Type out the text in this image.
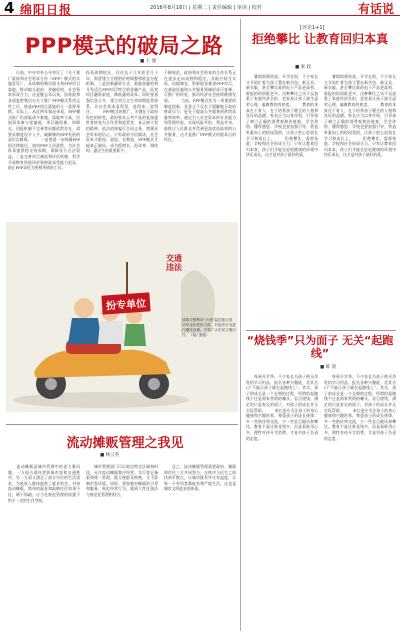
4 绵阳日报	2016年8月16日 | 星期二 | 责任编辑 | 审读 | 校对	有话说
PPP模式的破局之路
■ 王 强
　　日前，中央对外公开审议了《关于推广政府和社会资本合作（PPP）模式的实施意见》，从体制机制层面支持PPP项目落地，推动地方政府、金融机构、社会资本形成合力。这是继去年以来，国务院和各部委密集出台关于推广PPP模式系列文件之后，推进PPP项目落地的又一重要举措。实际上，从近两年情况来看，PPP模式推广仍面临诸多难题，落地率不高，民间资本参与度偏低，项目融资难、周期长、回报机制不完善等问题依然存在，需要从制度设计入手，破解制约PPP发展的深层次障碍。 　　一是要进一步明确PPP的法律地位，加快PPP立法进程，为社会资本提供稳定的预期，保障各方合法权益。二是完善项目遴选和评估机制，科学开展物有所值评价和财政承受能力论证，防止PPP异化为变相举债的工具。
投资周期较长，往往达十几年甚至几十年，需要建立合理的价格调整和收益分配机制。三是创新融资方式，鼓励金融机构开发适合PPP项目特点的金融产品，拓宽项目融资渠道，降低融资成本。同时要加强信息公开，建立项目全生命周期监管体系，让社会资本看得见、进得来、留得住。 　　PPP模式的推广，关键在于政府角色的转变。政府要从公共产品的直接提供者转变为合作者和监管者，真正树立契约精神，依法依规履行合同义务，增强社会资本的信心。只有政府守信践诺，社会资本才敢投、愿投、长期投，PPP模式才能真正破局，成为稳增长、促改革、调结构、惠民生的重要抓手。
不断规范，政府和社会资本的合作关系正在逐步走向成熟和稳定。各地应结合实际，因地制宜，积极稳妥推进PPP项目，在基础设施和公共服务领域形成可复制、可推广的经验，推动经济社会持续健康发展。 　　当前，PPP模式作为一项重要的制度创新，其意义不仅在于缓解地方政府财政压力，更在于提高公共服务的供给质量和效率。通过引入社会资本的专业能力和管理经验，实现风险共担、利益共享，最终让人民群众享受到更加优质高效的公共服务，这才是推广PPP模式的根本目的所在。
扮专单位
交通违法
成都交警利用“天网”监控加大电动车违法抓拍力度，对违法行为进行曝光处理，引导广大市民文明出行。（绘/ 蛋糕）
流动摊贩管理之我见
■ 林云英
　　流动摊贩是城市管理中的老大难问题，一方面占道经营影响市容和交通秩序，另一方面又满足了部分市民的生活需求，为低收入群体提供了就业机会。对待流动摊贩，简单的驱赶和取缔往往效果不佳，堵不如疏，应当在规范管理的前提下给予一定的生存空间。
　　城市管理部门可以划定特定区域和时段，允许流动摊贩集中经营，实行登记备案和统一管理，既方便群众购物，又不影响市容环境。同时，要加强对摊贩的引导和服务，规范经营行为，做到人性化执法与规范化管理相结合。
　　总之，流动摊贩管理需要政府、摊贩和市民三方共同努力，在秩序与民生之间找到平衡点，让城市既有序又有温度，让每一个劳动者都能有尊严地生活，这也是城市文明进步的体现。
[评论1+1]
拒绝攀比 让教育回归本真
■ 张 政
　　暑假即将结束，开学在即，不少家长又开始忙着为孩子置办新书包、新文具、新衣服，甚至攀比谁的电子产品更高档、谁报的培训班更多。这种攀比之风不仅加重了家庭经济负担，更容易让孩子滋生虚荣心理，偏离教育的初衷。 　　教育的本真在于育人，在于培养孩子健全的人格和良好的品德。家长应当以身作则，引导孩子树立正确的消费观和价值观，学会珍惜、懂得感恩；学校也要加强引导，营造朴素向上的校园氛围，让孩子把心思放在学习和成长上。 　　拒绝攀比，需要家庭、学校和社会形成合力。只有让教育回归本真，孩子们才能在轻松健康的环境中快乐成长，这才是对孩子最好的爱。
　　暑假即将结束，开学在即，不少家长又开始忙着为孩子置办新书包、新文具、新衣服，甚至攀比谁的电子产品更高档、谁报的培训班更多。这种攀比之风不仅加重了家庭经济负担，更容易让孩子滋生虚荣心理，偏离教育的初衷。 　　教育的本真在于育人，在于培养孩子健全的人格和良好的品德。家长应当以身作则，引导孩子树立正确的消费观和价值观，学会珍惜、懂得感恩；学校也要加强引导，营造朴素向上的校园氛围，让孩子把心思放在学习和成长上。 　　拒绝攀比，需要家庭、学校和社会形成合力。只有让教育回归本真，孩子们才能在轻松健康的环境中快乐成长，这才是对孩子最好的爱。
“烧钱季”只为面子 无关“起跑线”
■ 陈 晨
　　每到开学季，不少家长为孩子购买昂贵的学习用品、报名各种兴趣班，美其名曰“不能让孩子输在起跑线上”。其实，孩子的成长是一个长期的过程，所谓的起跑线不过是商家营销的噱头。盲目烧钱，满足的只是家长的面子，对孩子的成长并无实际帮助。 　　家长更应关注孩子的身心健康和兴趣培养，尊重孩子的成长规律，多一些陪伴和交流，少一些盲目跟风和攀比。教育不是比谁花钱多，而是看谁用心多，理性对待开学消费，才是对孩子负责的态度。
　　每到开学季，不少家长为孩子购买昂贵的学习用品、报名各种兴趣班，美其名曰“不能让孩子输在起跑线上”。其实，孩子的成长是一个长期的过程，所谓的起跑线不过是商家营销的噱头。盲目烧钱，满足的只是家长的面子，对孩子的成长并无实际帮助。 　　家长更应关注孩子的身心健康和兴趣培养，尊重孩子的成长规律，多一些陪伴和交流，少一些盲目跟风和攀比。教育不是比谁花钱多，而是看谁用心多，理性对待开学消费，才是对孩子负责的态度。
